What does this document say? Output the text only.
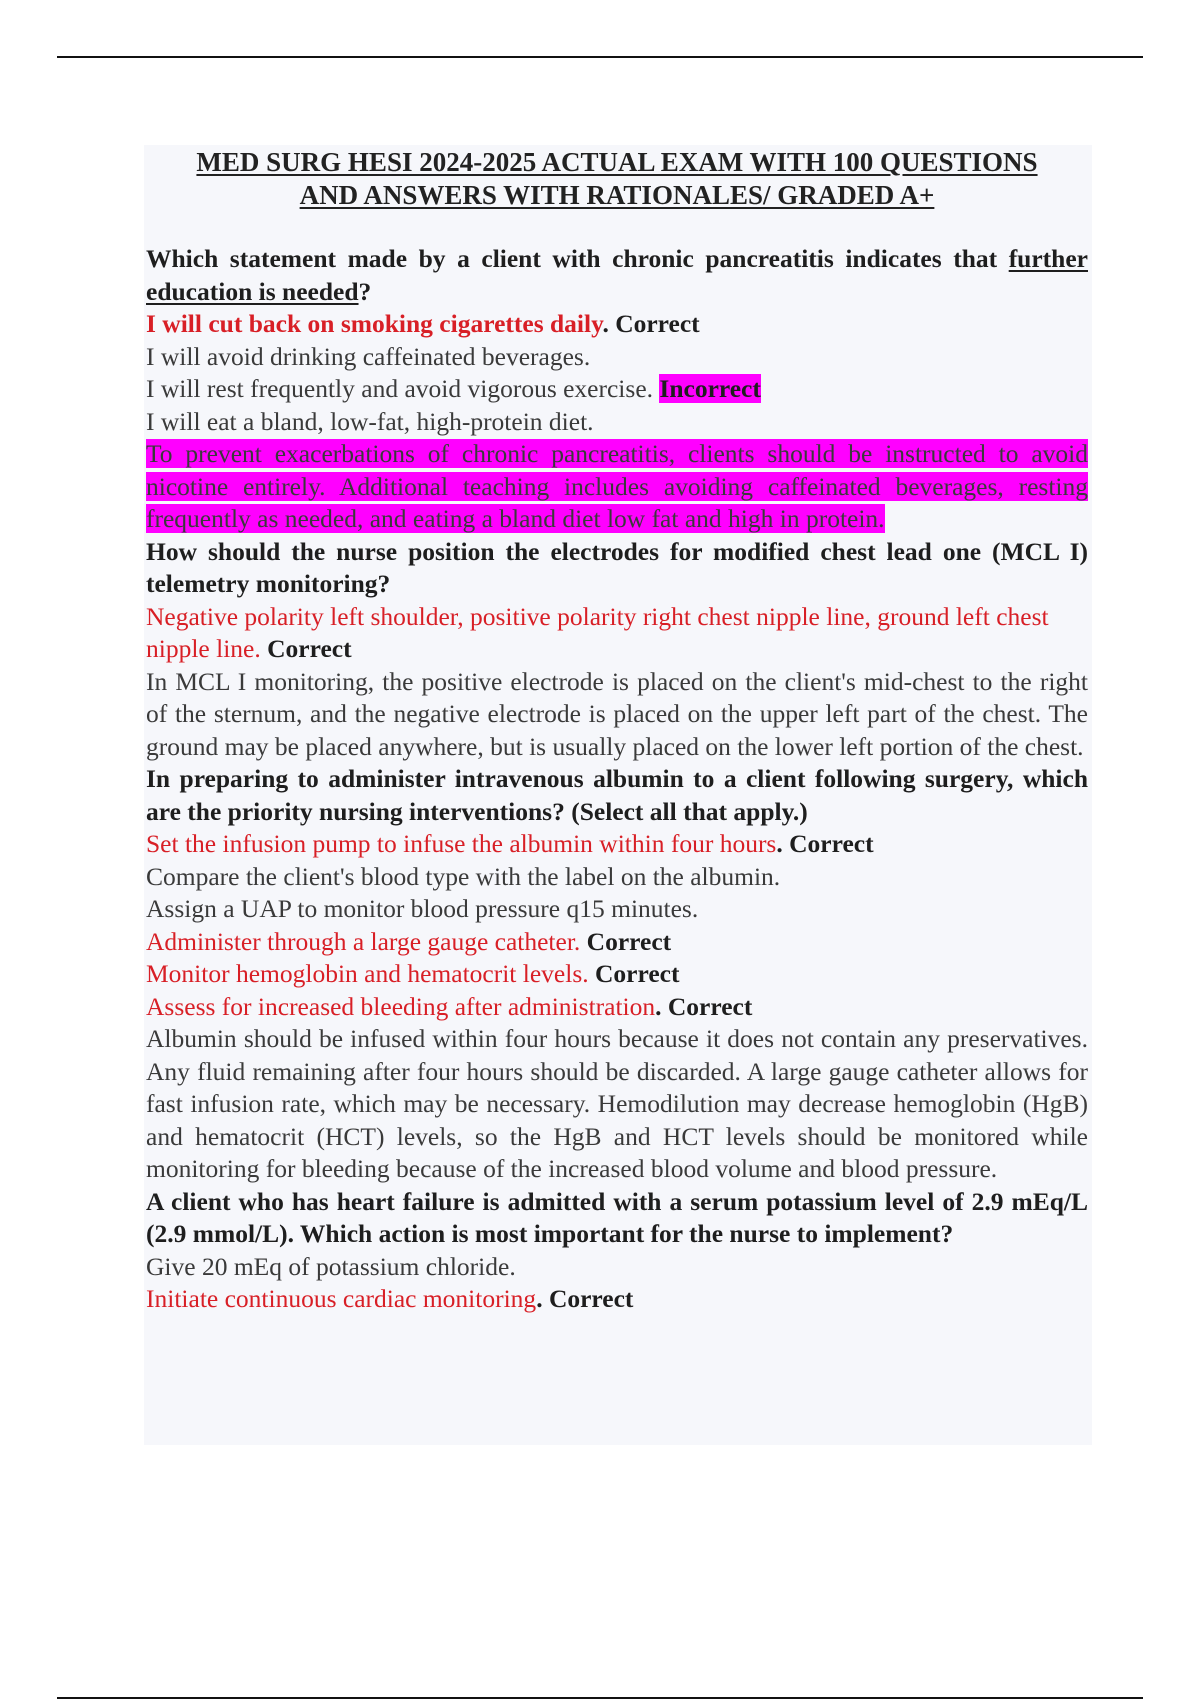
MED SURG HESI 2024-2025 ACTUAL EXAM WITH 100 QUESTIONS
AND ANSWERS WITH RATIONALES/ GRADED A+
Which statement made by a client with chronic pancreatitis indicates that further education is needed?
I will cut back on smoking cigarettes daily. Correct
I will avoid drinking caffeinated beverages.
I will rest frequently and avoid vigorous exercise. Incorrect
I will eat a bland, low-fat, high-protein diet.
To prevent exacerbations of chronic pancreatitis, clients should be instructed to avoid nicotine entirely. Additional teaching includes avoiding caffeinated beverages, resting frequently as needed, and eating a bland diet low fat and high in protein.
How should the nurse position the electrodes for modified chest lead one (MCL I) telemetry monitoring?
Negative polarity left shoulder, positive polarity right chest nipple line, ground left chest nipple line. Correct
In MCL I monitoring, the positive electrode is placed on the client's mid-chest to the right of the sternum, and the negative electrode is placed on the upper left part of the chest. The ground may be placed anywhere, but is usually placed on the lower left portion of the chest.
In preparing to administer intravenous albumin to a client following surgery, which are the priority nursing interventions? (Select all that apply.)
Set the infusion pump to infuse the albumin within four hours. Correct
Compare the client's blood type with the label on the albumin.
Assign a UAP to monitor blood pressure q15 minutes.
Administer through a large gauge catheter. Correct
Monitor hemoglobin and hematocrit levels. Correct
Assess for increased bleeding after administration. Correct
Albumin should be infused within four hours because it does not contain any preservatives. Any fluid remaining after four hours should be discarded. A large gauge catheter allows for fast infusion rate, which may be necessary. Hemodilution may decrease hemoglobin (HgB) and hematocrit (HCT) levels, so the HgB and HCT levels should be monitored while monitoring for bleeding because of the increased blood volume and blood pressure.
A client who has heart failure is admitted with a serum potassium level of 2.9 mEq/L (2.9 mmol/L). Which action is most important for the nurse to implement?
Give 20 mEq of potassium chloride.
Initiate continuous cardiac monitoring. Correct
